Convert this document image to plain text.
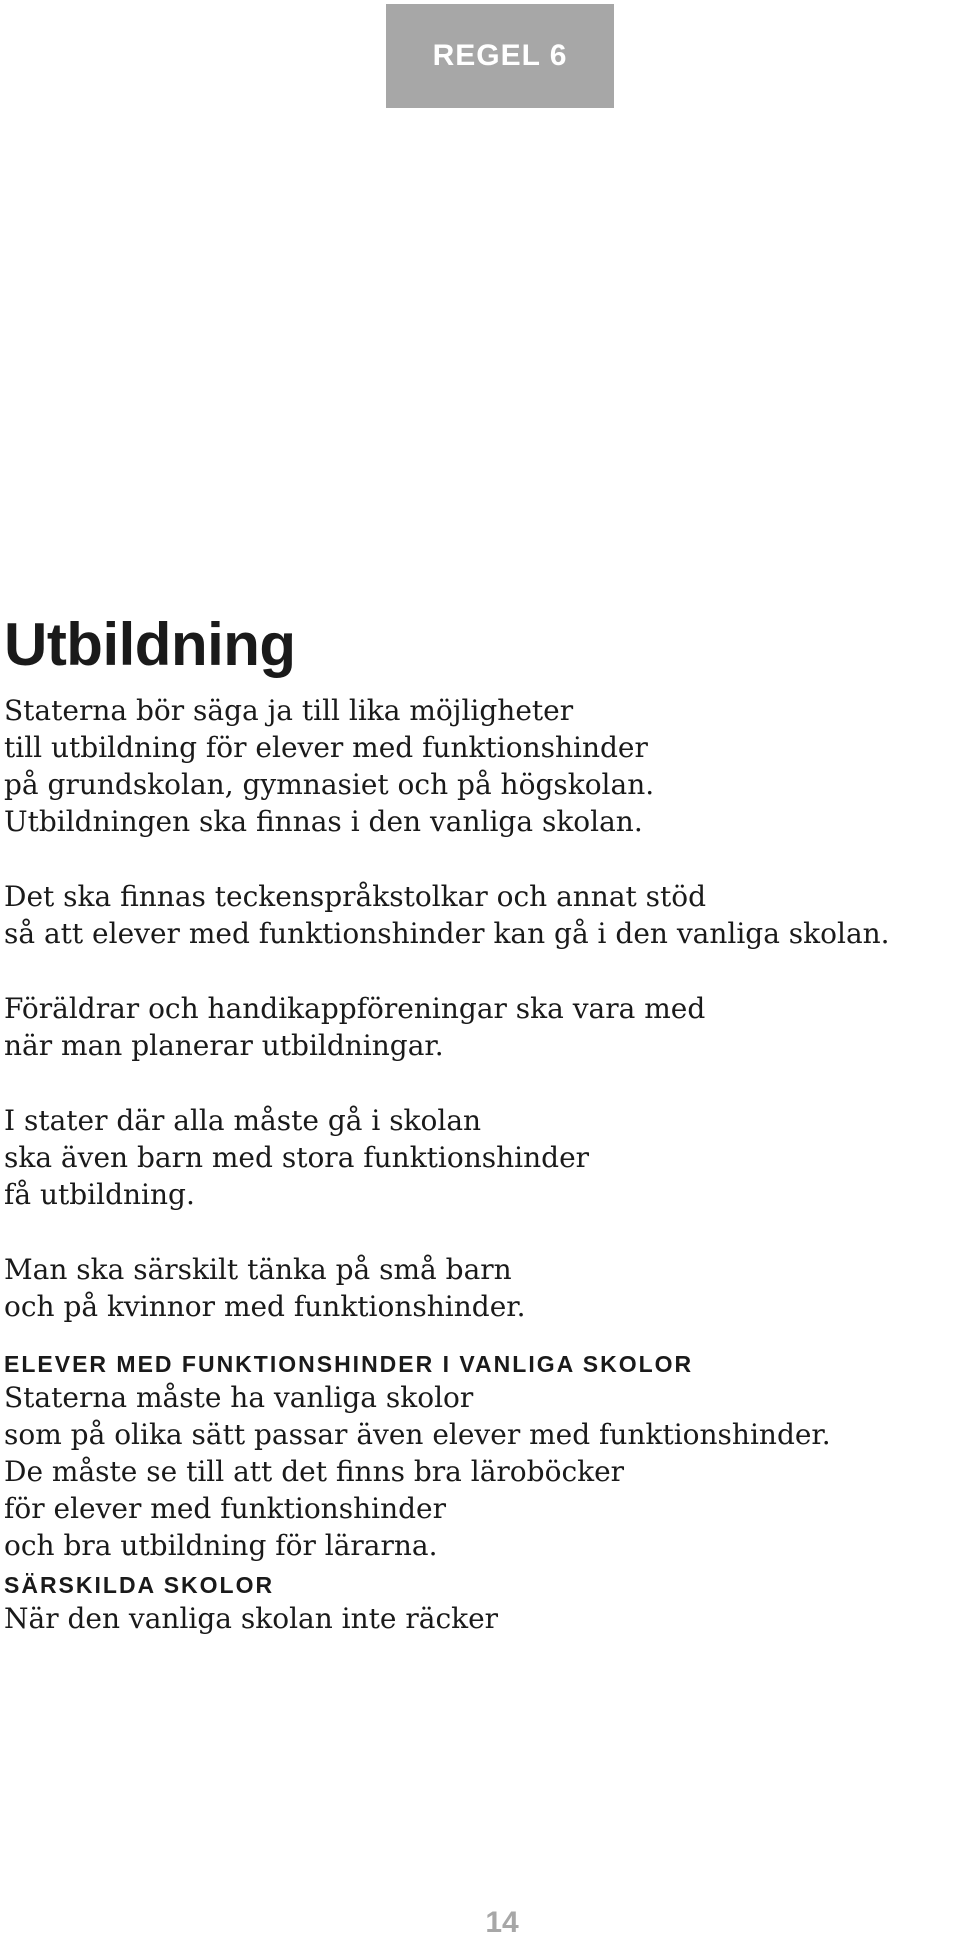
REGEL 6
Utbildning

Staterna bör säga ja till lika möjligheter
till utbildning för elever med funktionshinder
på grundskolan, gymnasiet och på högskolan.
Utbildningen ska finnas i den vanliga skolan.

Det ska finnas teckenspråkstolkar och annat stöd
så att elever med funktionshinder kan gå i den vanliga skolan.

Föräldrar och handikappföreningar ska vara med
när man planerar utbildningar.

I stater där alla måste gå i skolan
ska även barn med stora funktionshinder
få utbildning.

Man ska särskilt tänka på små barn
och på kvinnor med funktionshinder.

ELEVER MED FUNKTIONSHINDER I VANLIGA SKOLOR

Staterna måste ha vanliga skolor
som på olika sätt passar även elever med funktionshinder.
De måste se till att det finns bra läroböcker
för elever med funktionshinder
och bra utbildning för lärarna.

SÄRSKILDA SKOLOR

När den vanliga skolan inte räcker

14
